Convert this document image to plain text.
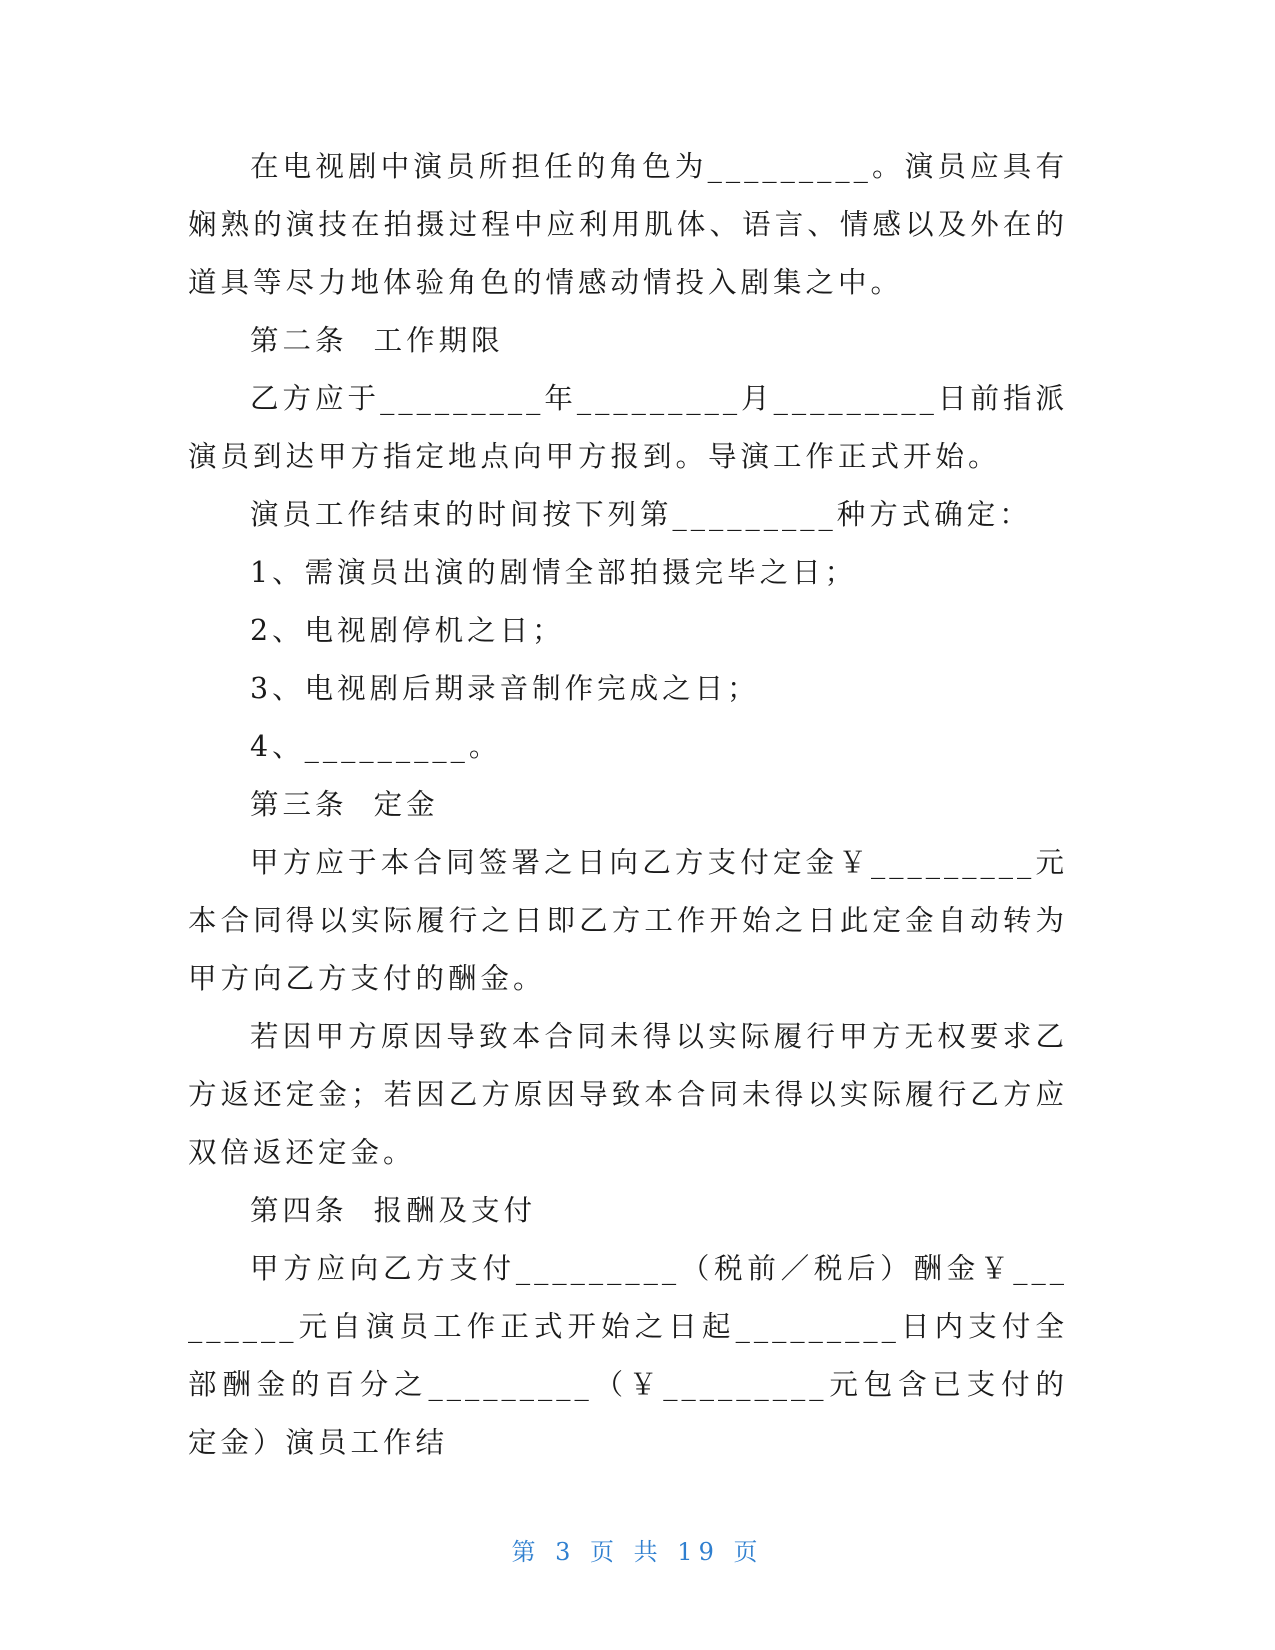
在电视剧中演员所担任的角色为_________。演员应具有娴熟的演技在拍摄过程中应利用肌体、语言、情感以及外在的道具等尽力地体验角色的情感动情投入剧集之中。

第二条  工作期限

乙方应于_________年_________月_________日前指派演员到达甲方指定地点向甲方报到。导演工作正式开始。

演员工作结束的时间按下列第_________种方式确定：

1、需演员出演的剧情全部拍摄完毕之日；

2、电视剧停机之日；

3、电视剧后期录音制作完成之日；

4、_________。

第三条  定金

甲方应于本合同签署之日向乙方支付定金￥_________元本合同得以实际履行之日即乙方工作开始之日此定金自动转为甲方向乙方支付的酬金。

若因甲方原因导致本合同未得以实际履行甲方无权要求乙方返还定金；若因乙方原因导致本合同未得以实际履行乙方应双倍返还定金。

第四条  报酬及支付

甲方应向乙方支付_________（税前／税后）酬金￥_________元自演员工作正式开始之日起_________日内支付全部酬金的百分之_________（￥_________元包含已支付的定金）演员工作结

第 3 页 共 19 页
